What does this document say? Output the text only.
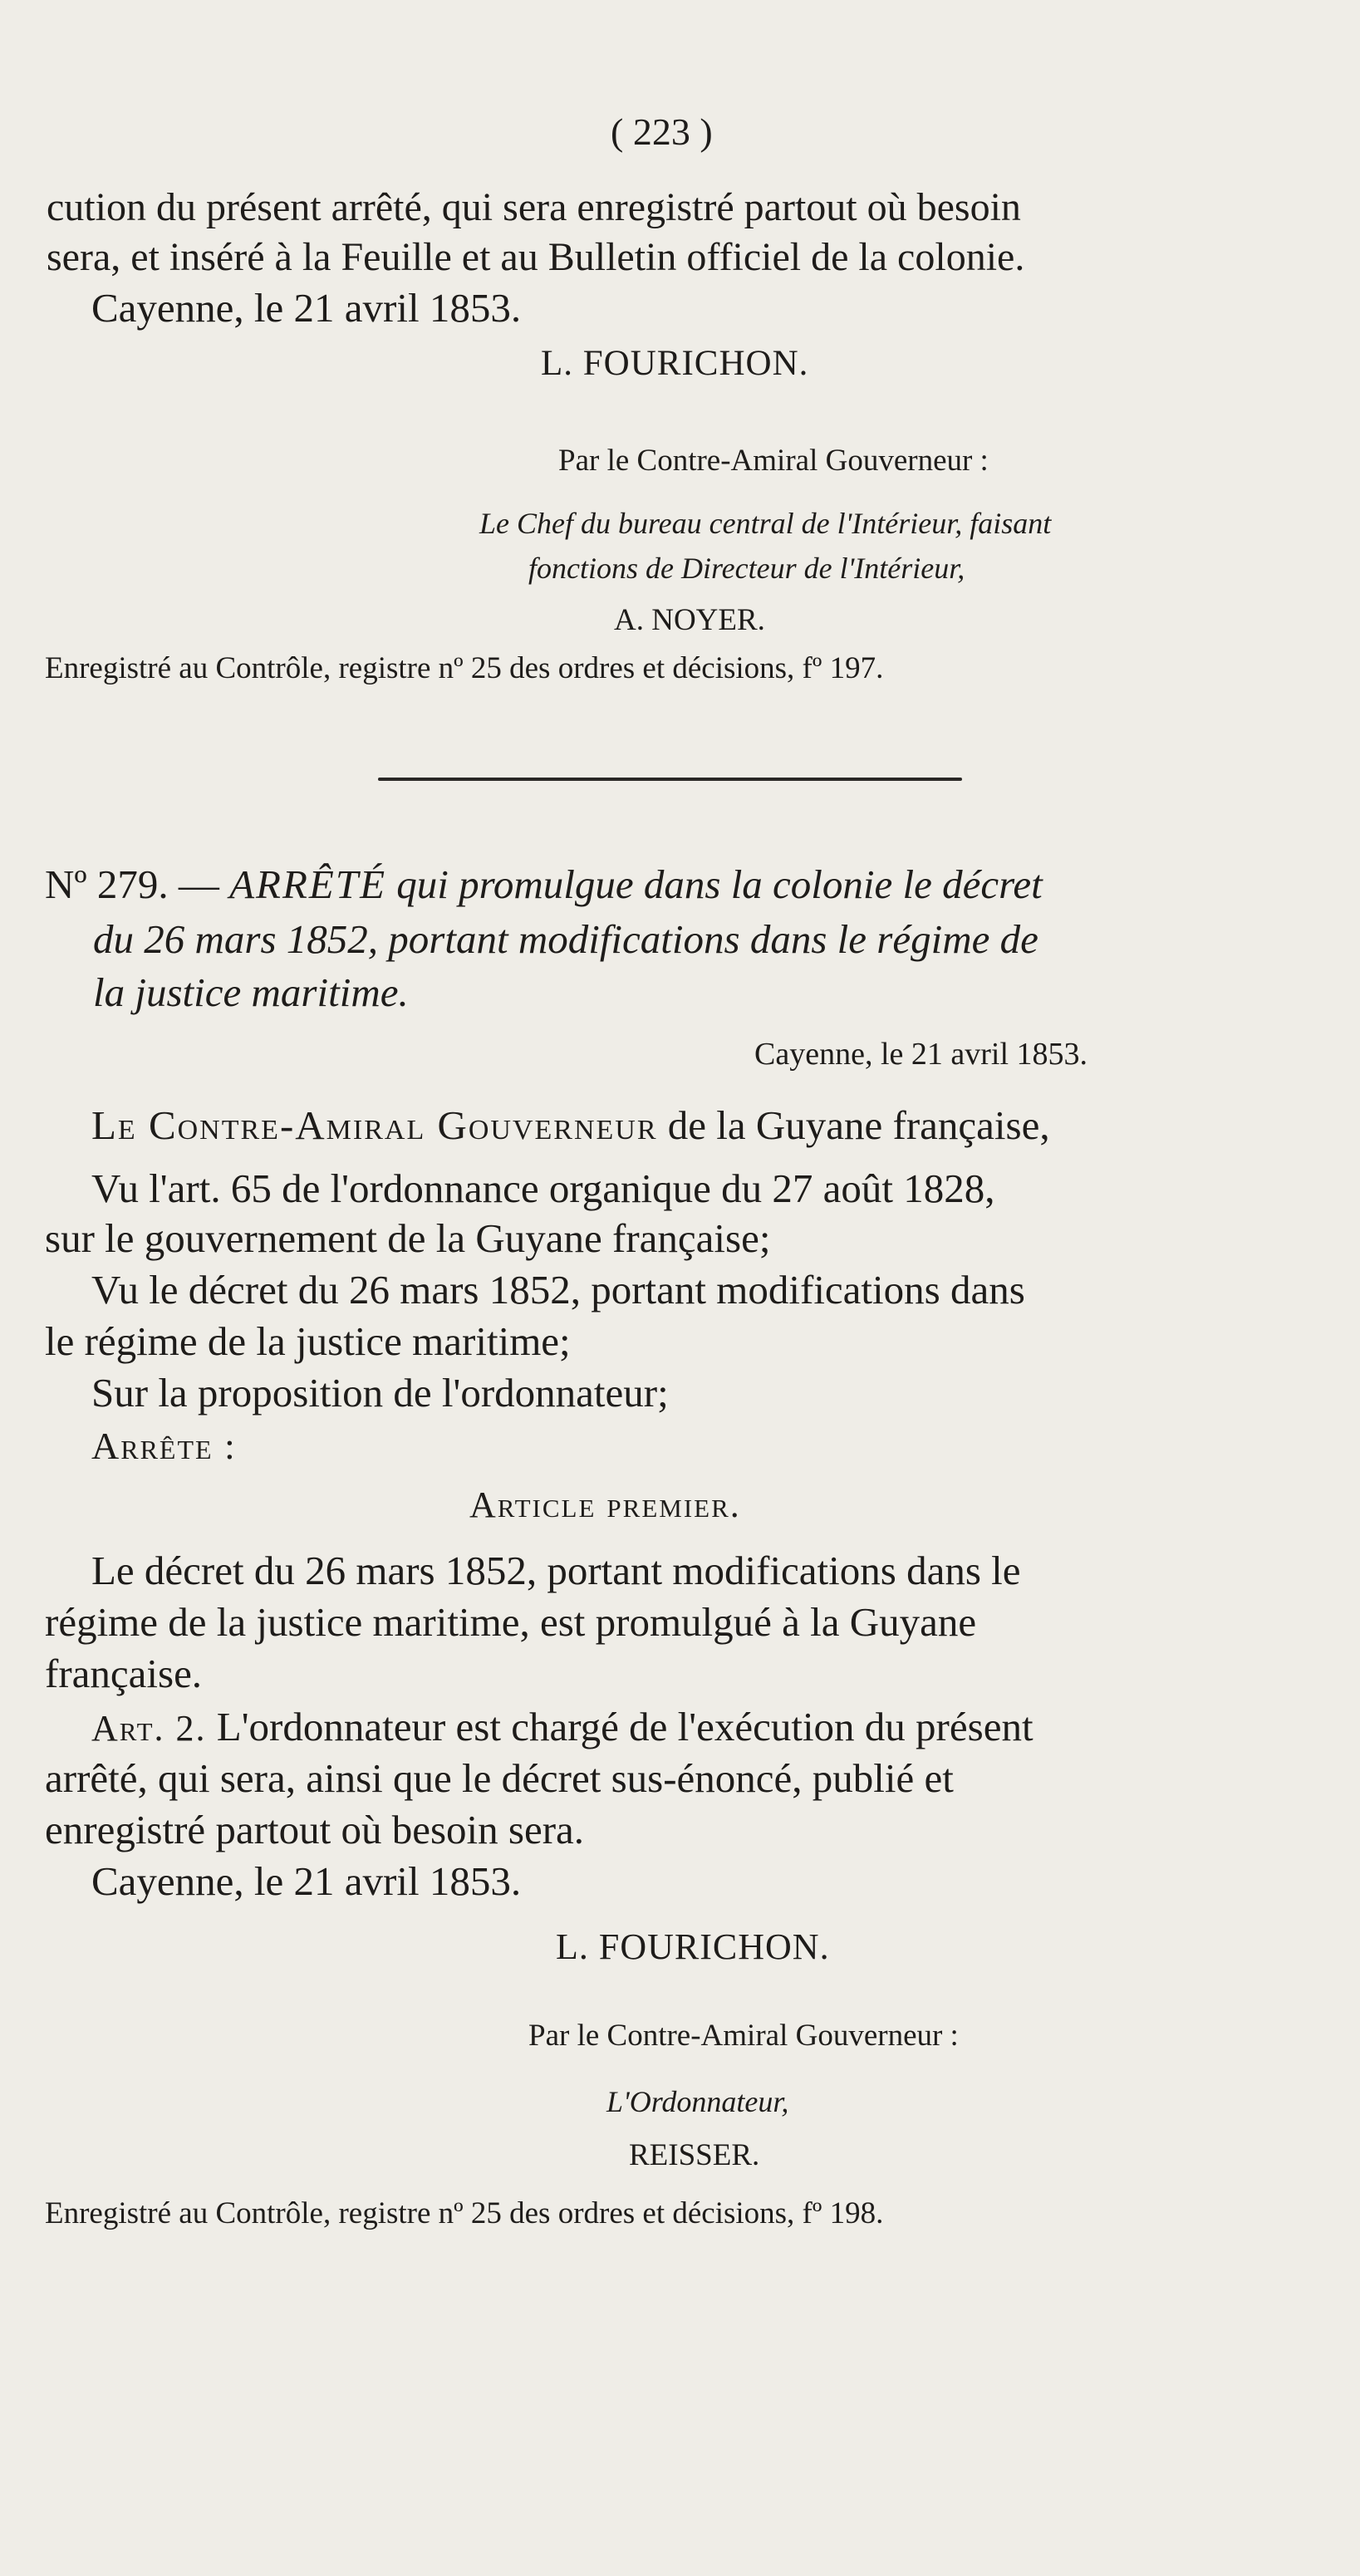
( 223 )
cution du présent arrêté, qui sera enregistré partout où besoin
sera, et inséré à la Feuille et au Bulletin officiel de la colonie.
Cayenne, le 21 avril 1853.
L. FOURICHON.
Par le Contre-Amiral Gouverneur :
Le Chef du bureau central de l'Intérieur, faisant
fonctions de Directeur de l'Intérieur,
A. NOYER.
Enregistré au Contrôle, registre nº 25 des ordres et décisions, fº 197.
Nº 279. — ARRÊTÉ qui promulgue dans la colonie le décret
du 26 mars 1852, portant modifications dans le régime de
la justice maritime.
Cayenne, le 21 avril 1853.
Le Contre-Amiral Gouverneur de la Guyane française,
Vu l'art. 65 de l'ordonnance organique du 27 août 1828,
sur le gouvernement de la Guyane française;
Vu le décret du 26 mars 1852, portant modifications dans
le régime de la justice maritime;
Sur la proposition de l'ordonnateur;
Arrête :
Article premier.
Le décret du 26 mars 1852, portant modifications dans le
régime de la justice maritime, est promulgué à la Guyane
française.
Art. 2. L'ordonnateur est chargé de l'exécution du présent
arrêté, qui sera, ainsi que le décret sus-énoncé, publié et
enregistré partout où besoin sera.
Cayenne, le 21 avril 1853.
L. FOURICHON.
Par le Contre-Amiral Gouverneur :
L'Ordonnateur,
REISSER.
Enregistré au Contrôle, registre nº 25 des ordres et décisions, fº 198.
